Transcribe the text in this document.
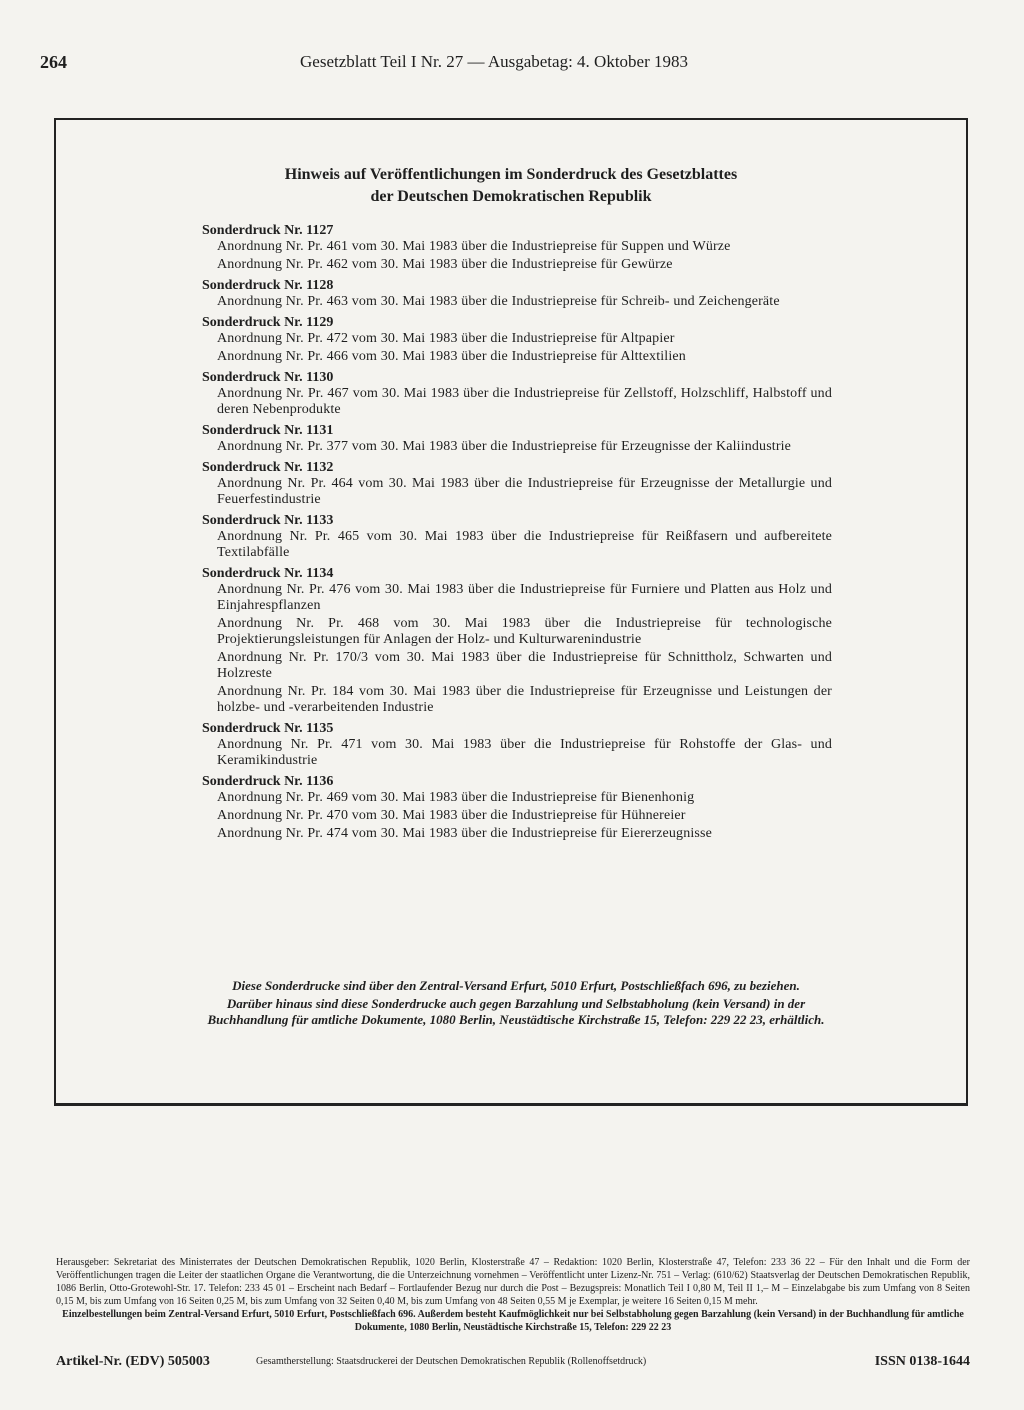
264	Gesetzblatt Teil I Nr. 27 — Ausgabetag: 4. Oktober 1983
Hinweis auf Veröffentlichungen im Sonderdruck des Gesetzblattes
der Deutschen Demokratischen Republik
Sonderdruck Nr. 1127
Anordnung Nr. Pr. 461 vom 30. Mai 1983 über die Industriepreise für Suppen und Würze
Anordnung Nr. Pr. 462 vom 30. Mai 1983 über die Industriepreise für Gewürze
Sonderdruck Nr. 1128
Anordnung Nr. Pr. 463 vom 30. Mai 1983 über die Industriepreise für Schreib- und Zeichengeräte
Sonderdruck Nr. 1129
Anordnung Nr. Pr. 472 vom 30. Mai 1983 über die Industriepreise für Altpapier
Anordnung Nr. Pr. 466 vom 30. Mai 1983 über die Industriepreise für Alttextilien
Sonderdruck Nr. 1130
Anordnung Nr. Pr. 467 vom 30. Mai 1983 über die Industriepreise für Zellstoff, Holzschliff, Halbstoff und deren Nebenprodukte
Sonderdruck Nr. 1131
Anordnung Nr. Pr. 377 vom 30. Mai 1983 über die Industriepreise für Erzeugnisse der Kaliindustrie
Sonderdruck Nr. 1132
Anordnung Nr. Pr. 464 vom 30. Mai 1983 über die Industriepreise für Erzeugnisse der Metallurgie und Feuerfestindustrie
Sonderdruck Nr. 1133
Anordnung Nr. Pr. 465 vom 30. Mai 1983 über die Industriepreise für Reißfasern und aufbereitete Textilabfälle
Sonderdruck Nr. 1134
Anordnung Nr. Pr. 476 vom 30. Mai 1983 über die Industriepreise für Furniere und Platten aus Holz und Einjahrespflanzen
Anordnung Nr. Pr. 468 vom 30. Mai 1983 über die Industriepreise für technologische Projektierungsleistungen für Anlagen der Holz- und Kulturwarenindustrie
Anordnung Nr. Pr. 170/3 vom 30. Mai 1983 über die Industriepreise für Schnittholz, Schwarten und Holzreste
Anordnung Nr. Pr. 184 vom 30. Mai 1983 über die Industriepreise für Erzeugnisse und Leistungen der holzbe- und -verarbeitenden Industrie
Sonderdruck Nr. 1135
Anordnung Nr. Pr. 471 vom 30. Mai 1983 über die Industriepreise für Rohstoffe der Glas- und Keramikindustrie
Sonderdruck Nr. 1136
Anordnung Nr. Pr. 469 vom 30. Mai 1983 über die Industriepreise für Bienenhonig
Anordnung Nr. Pr. 470 vom 30. Mai 1983 über die Industriepreise für Hühnereier
Anordnung Nr. Pr. 474 vom 30. Mai 1983 über die Industriepreise für Eiererzeugnisse

Diese Sonderdrucke sind über den Zentral-Versand Erfurt, 5010 Erfurt, Postschließfach 696, zu beziehen.

Darüber hinaus sind diese Sonderdrucke auch gegen Barzahlung und Selbstabholung (kein Versand) in der Buchhandlung für amtliche Dokumente, 1080 Berlin, Neustädtische Kirchstraße 15, Telefon: 229 22 23, erhältlich.

Herausgeber: Sekretariat des Ministerrates der Deutschen Demokratischen Republik, 1020 Berlin, Klosterstraße 47 – Redaktion: 1020 Berlin, Klosterstraße 47, Telefon: 233 36 22 – Für den Inhalt und die Form der Veröffentlichungen tragen die Leiter der staatlichen Organe die Verantwortung, die die Unterzeichnung vornehmen – Veröffentlicht unter Lizenz-Nr. 751 – Verlag: (610/62) Staatsverlag der Deutschen Demokratischen Republik, 1086 Berlin, Otto-Grotewohl-Str. 17. Telefon: 233 45 01 – Erscheint nach Bedarf – Fortlaufender Bezug nur durch die Post – Bezugspreis: Monatlich Teil I 0,80 M, Teil II 1,– M – Einzelabgabe bis zum Umfang von 8 Seiten 0,15 M, bis zum Umfang von 16 Seiten 0,25 M, bis zum Umfang von 32 Seiten 0,40 M, bis zum Umfang von 48 Seiten 0,55 M je Exemplar, je weitere 16 Seiten 0,15 M mehr.

Einzelbestellungen beim Zentral-Versand Erfurt, 5010 Erfurt, Postschließfach 696. Außerdem besteht Kaufmöglichkeit nur bei Selbstabholung gegen Barzahlung (kein Versand) in der Buchhandlung für amtliche Dokumente, 1080 Berlin, Neustädtische Kirchstraße 15, Telefon: 229 22 23

Artikel-Nr. (EDV) 505003	Gesamtherstellung: Staatsdruckerei der Deutschen Demokratischen Republik (Rollenoffsetdruck)	ISSN 0138-1644
